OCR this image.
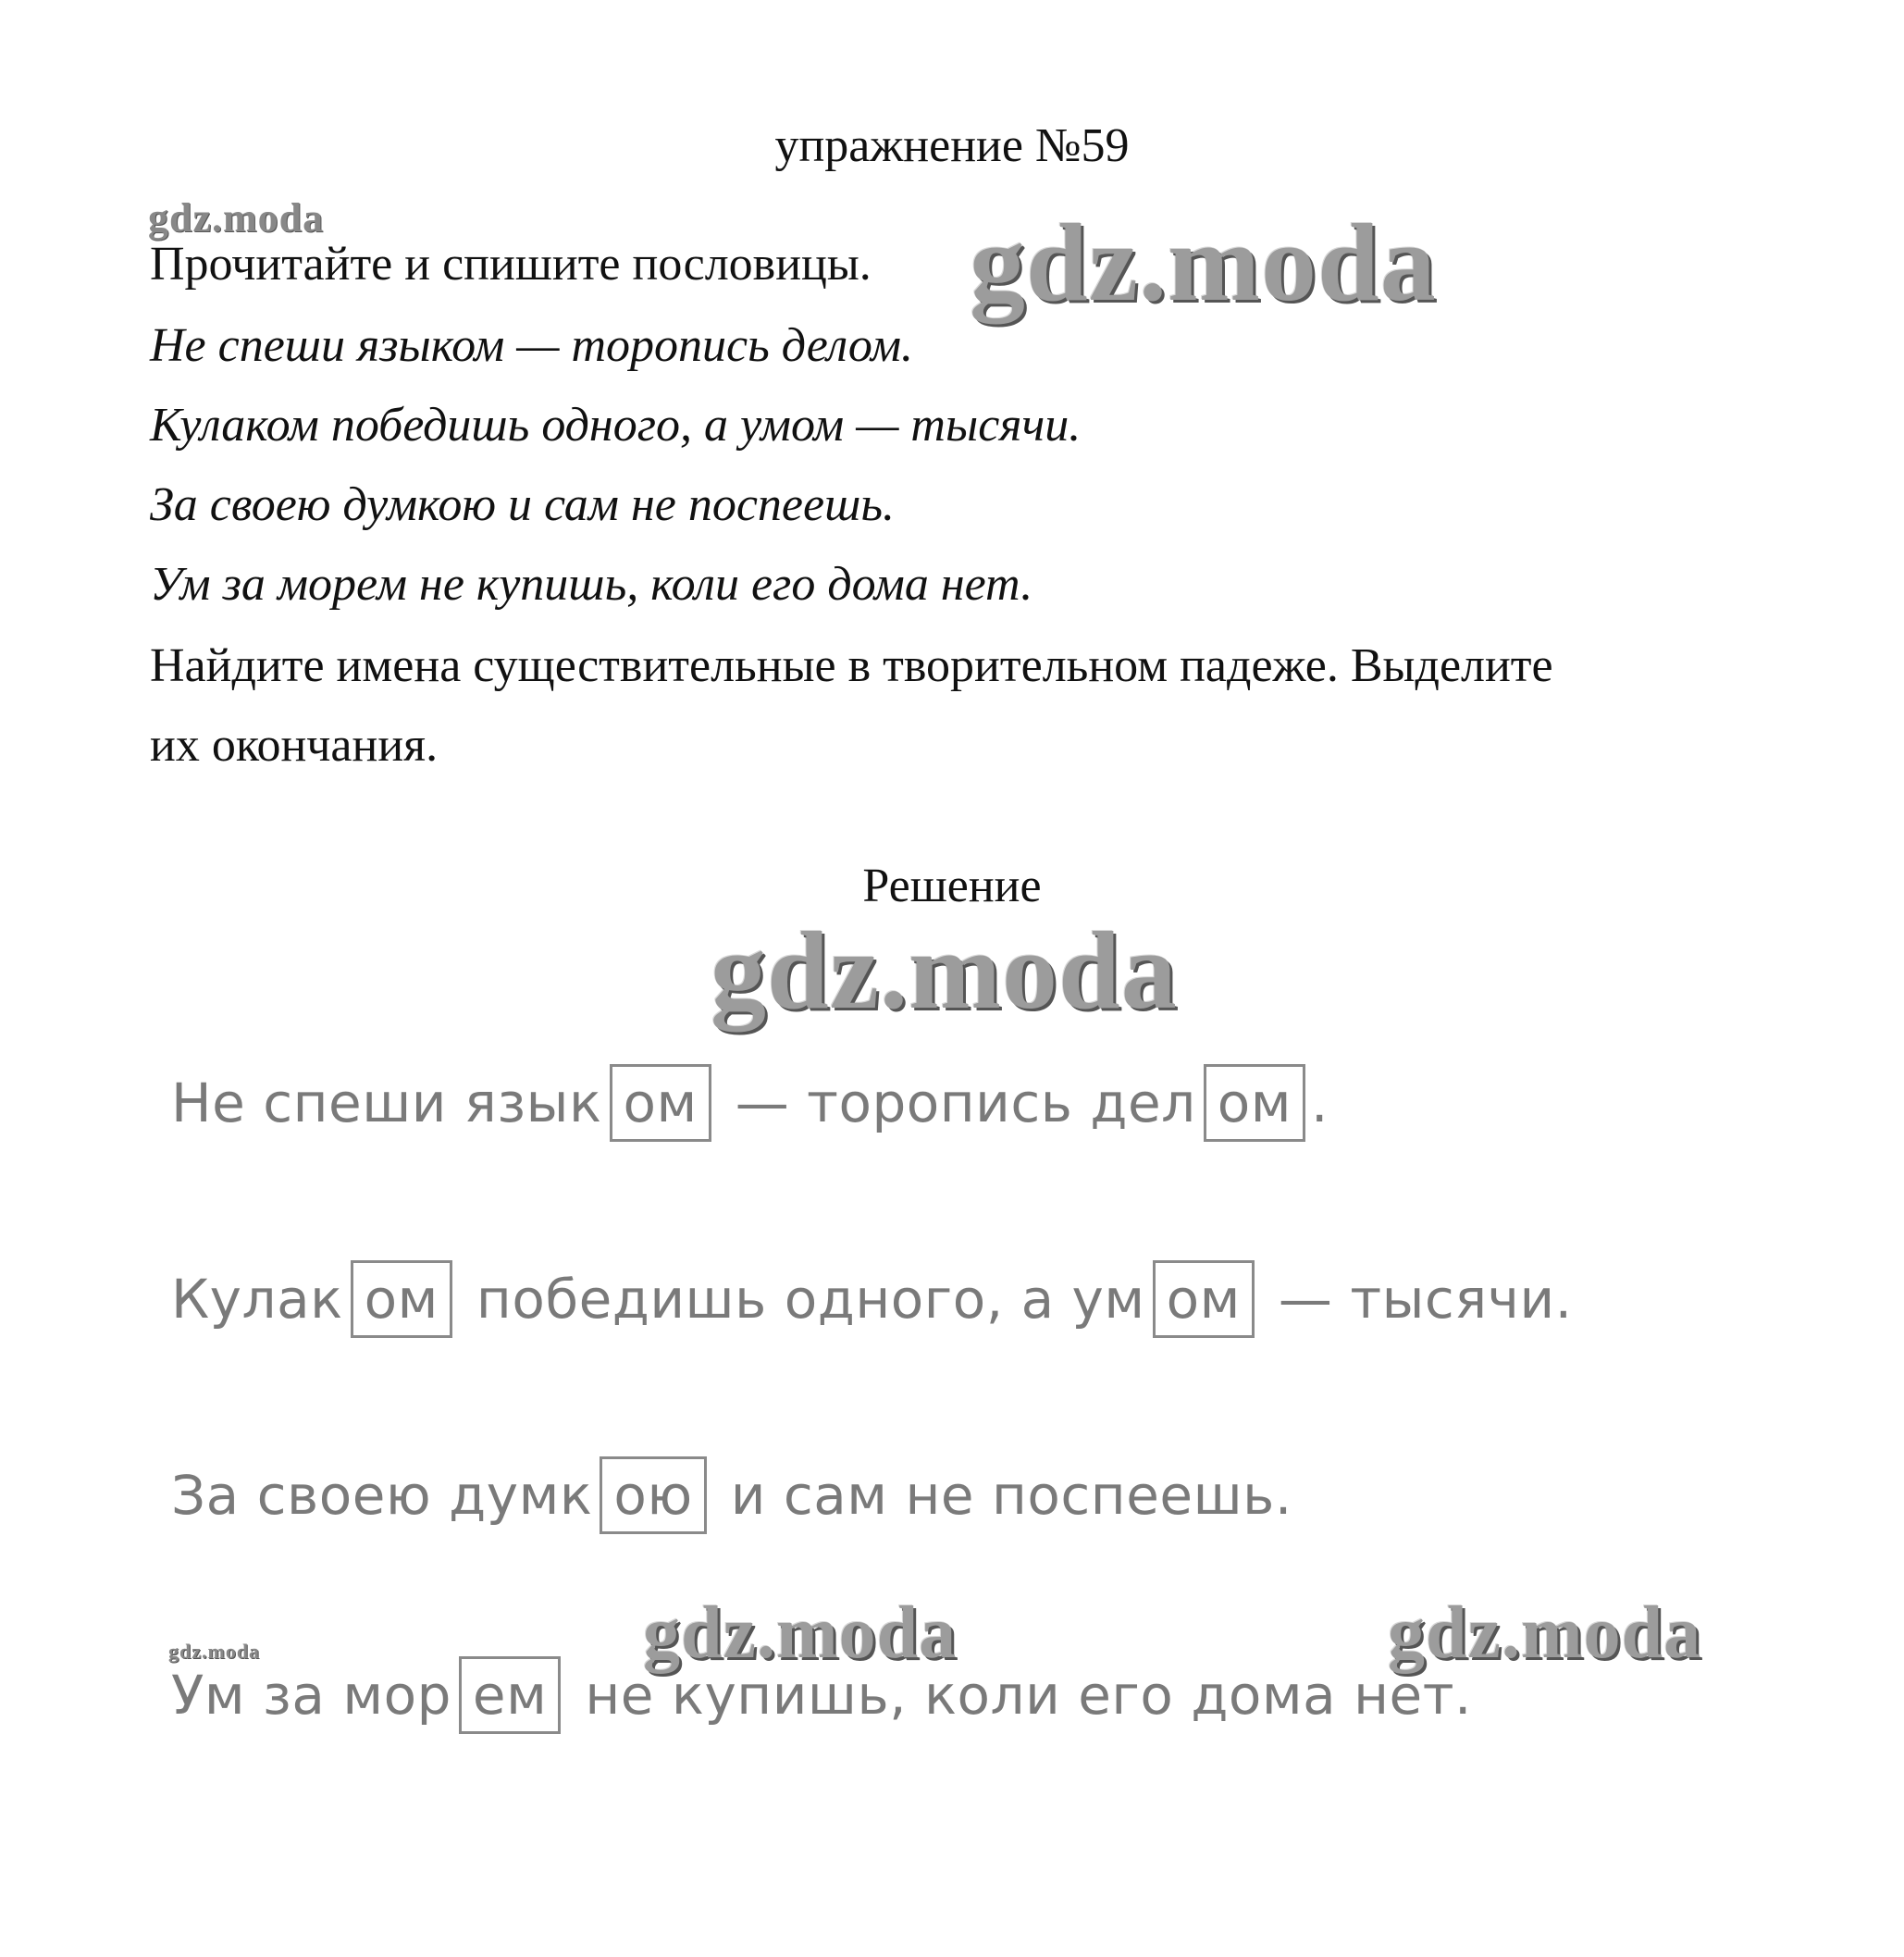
упражнение №59
gdz.moda
Прочитайте и спишите пословицы. gdz.moda
Не спеши языком — торопись делом.
Кулаком победишь одного, а умом — тысячи.
За своею думкою и сам не поспеешь.
Ум за морем не купишь, коли его дома нет.
Найдите имена существительные в творительном падеже. Выделите
их окончания.
Решение
gdz.moda
Не спеши язык ом — торопись дел ом .
Кулак ом победишь одного, а ум ом — тысячи.
За своею думк ою и сам не поспеешь.
gdz.moda	gdz.moda	gdz.moda
Ум за мор ем не купишь, коли его дома нет.
